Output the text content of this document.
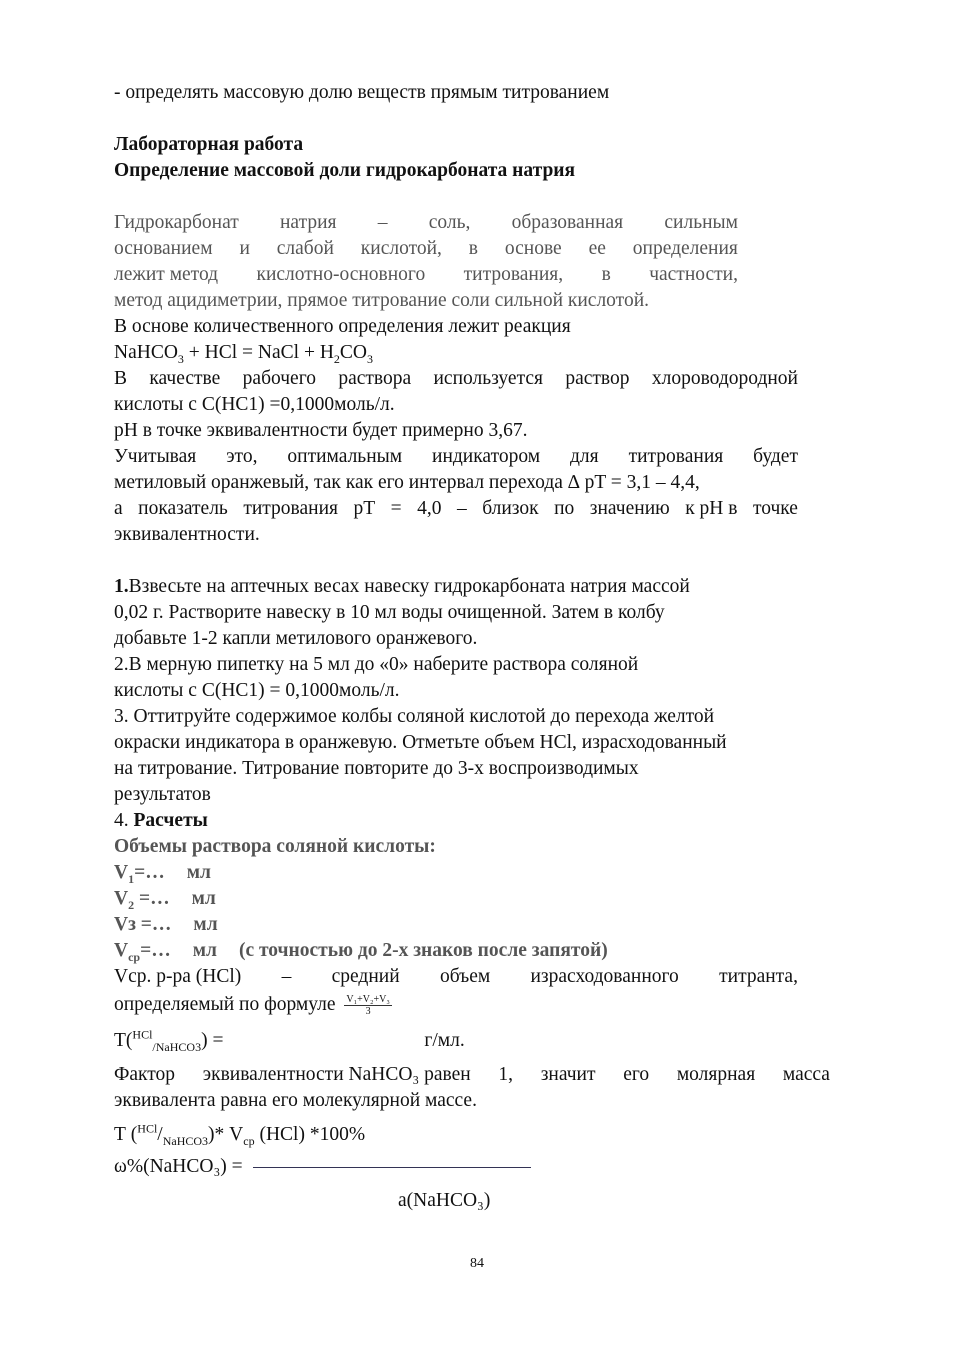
- определять массовую долю веществ прямым титрованием
Лабораторная работа
Определение массовой доли гидрокарбоната натрия
Гидрокарбонат натрия – соль, образованная сильным
основанием и слабой кислотой, в основе ее определения
лежит метод кислотно-основного титрования, в частности,
метод ацидиметрии, прямое титрование соли сильной кислотой.
В основе количественного определения лежит реакция
NaHCO$_3$ + HCl = NaCl + $H_2CO_3$
В качестве рабочего раствора используется раствор хлороводородной
кислоты с С(НС1) =0,1000моль/л.
pH в точке эквивалентности будет примерно 3,67.
Учитывая это, оптимальным индикатором для титрования будет
метиловый оранжевый, так как его интервал перехода ∆ pT = 3,1 – 4,4,
а показатель титрования pT = 4,0 – близок по значению к pH в точке
эквивалентности.
1.Взвесьте на аптечных весах навеску гидрокарбоната натрия массой
0,02 г. Растворите навеску в 10 мл воды очищенной. Затем в колбу
добавьте 1-2 капли метилового оранжевого.
2.В мерную пипетку на 5 мл до «0» наберите раствора соляной
кислоты с С(НС1) = 0,1000моль/л.
3. Оттитруйте содержимое колбы соляной кислотой до перехода желтой
окраски индикатора в оранжевую. Отметьте объем HCl, израсходованный
на титрование. Титрование повторите до 3-х воспроизводимых
результатов
4. Расчеты
Объемы раствора соляной кислоты:
$V_1=\dots$ мл
$V_2$ =… мл
Vз =… мл
$V_{ср}=\dots$ мл (с точностью до 2-х знаков после запятой)
Vср. р-ра (HCl) – средний объем израсходованного титранта,
определяемый по формуле $\frac{\text{V₁+V₂+V₃}}{3}$
Т($^{HCl}_{/NaHCO3}$) =	г/мл.
Фактор эквивалентности NaHCO₃ равен 1, значит его молярная масса
эквивалента равна его молекулярной массе.
Т $(^{HCl}/_{NaHCO3})*$ $V_{ср}$ (HCl) *100%
ω%(NaHCO₃) =
a(NaHCO₃)
84
